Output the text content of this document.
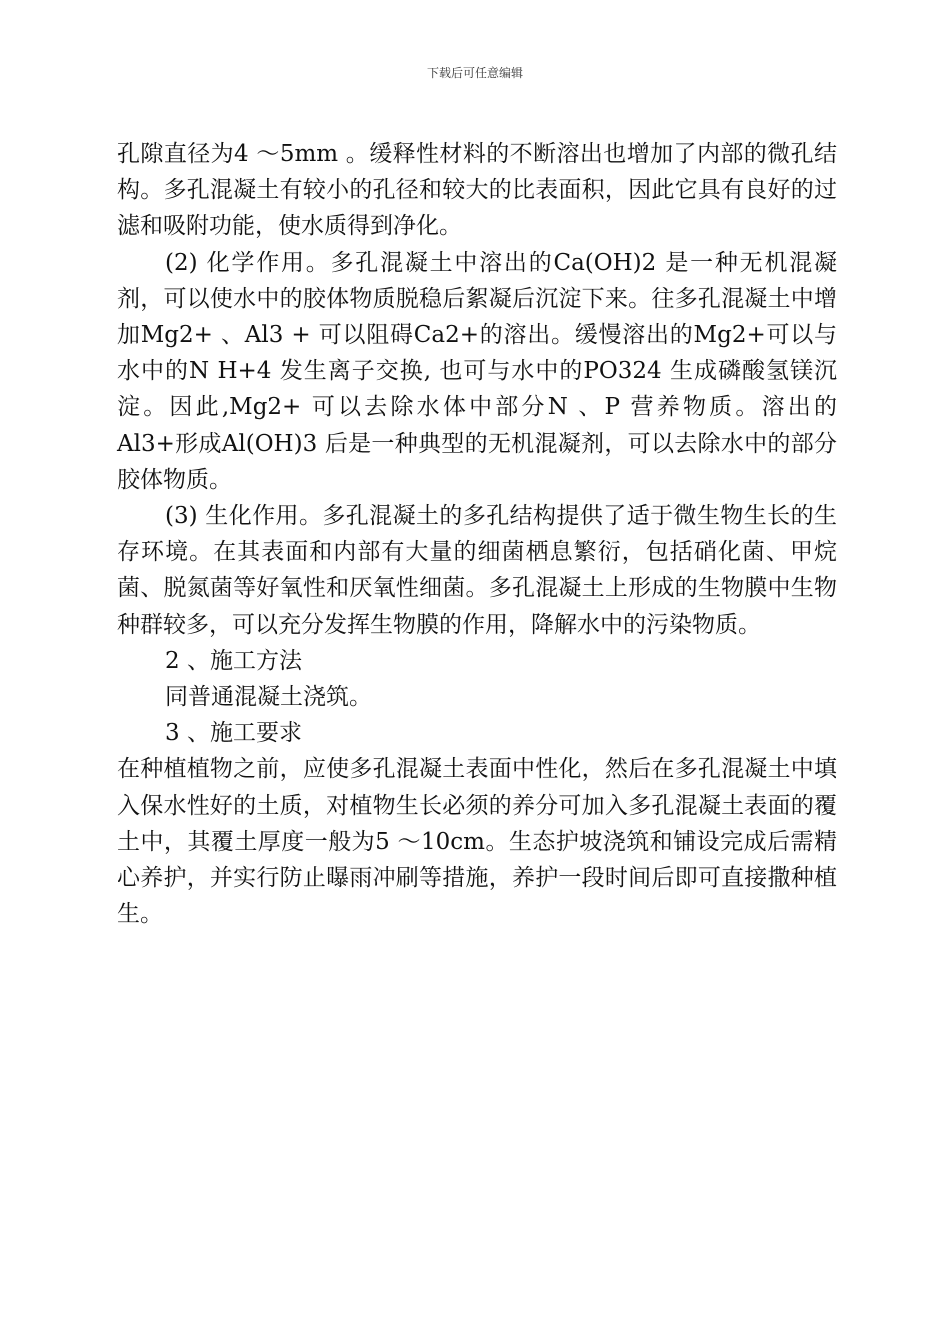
下载后可任意编辑

孔隙直径为4 ～5mm 。缓释性材料的不断溶出也增加了内部的微孔结构。多孔混凝土有较小的孔径和较大的比表面积，因此它具有良好的过滤和吸附功能，使水质得到净化。

(2) 化学作用。多孔混凝土中溶出的Ca(OH)2 是一种无机混凝剂，可以使水中的胶体物质脱稳后絮凝后沉淀下来。往多孔混凝土中增加Mg2+ 、Al3 + 可以阻碍Ca2+的溶出。缓慢溶出的Mg2+可以与水中的N H+4 发生离子交换, 也可与水中的PO324 生成磷酸氢镁沉淀。因此,Mg2+ 可以去除水体中部分N 、P 营养物质。溶出的Al3+形成Al(OH)3 后是一种典型的无机混凝剂，可以去除水中的部分胶体物质。

(3) 生化作用。多孔混凝土的多孔结构提供了适于微生物生长的生存环境。在其表面和内部有大量的细菌栖息繁衍，包括硝化菌、甲烷菌、脱氮菌等好氧性和厌氧性细菌。多孔混凝土上形成的生物膜中生物种群较多，可以充分发挥生物膜的作用，降解水中的污染物质。

2 、施工方法

同普通混凝土浇筑。

3 、施工要求

在种植植物之前，应使多孔混凝土表面中性化，然后在多孔混凝土中填入保水性好的土质，对植物生长必须的养分可加入多孔混凝土表面的覆土中，其覆土厚度一般为5 ～10cm。生态护坡浇筑和铺设完成后需精心养护，并实行防止曝雨冲刷等措施，养护一段时间后即可直接撒种植生。
